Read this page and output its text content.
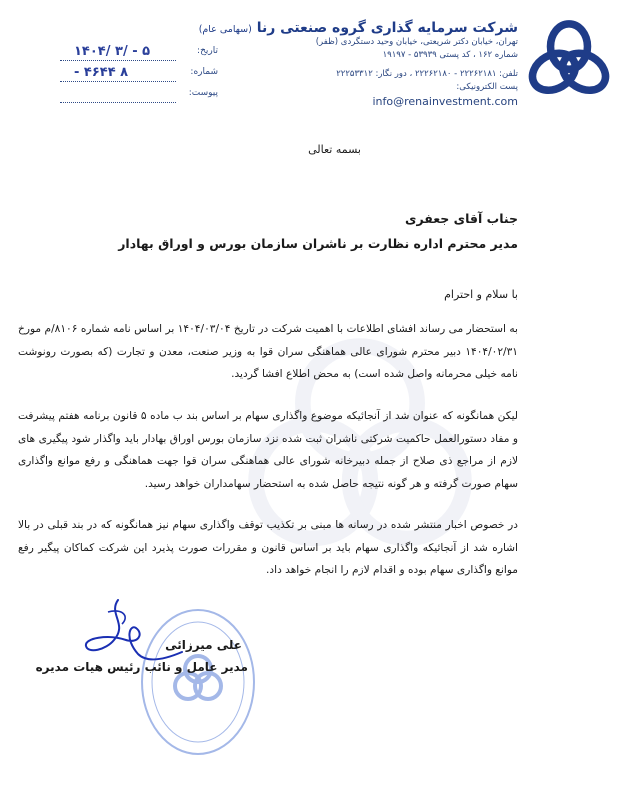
شرکت سرمایه گذاری گروه صنعتی رنا (سهامی عام)
تهران، خیابان دکتر شریعتی، خیابان وحید دستگردی (ظفر)
شماره ۱۶۲ ، کد پستی ۵۳۹۳۹ - ۱۹۱۹۷
تلفن: ۲۲۲۶۲۱۸۱ - ۲۲۲۶۲۱۸۰ ، دور نگار: ۲۲۲۵۳۳۱۲
پست الکترونیکی:
info@renainvestment.com
تاریخ:
۱۴۰۴/ ۳/ - ۵
شماره:
- ۴۶۴۴ ۸
پیوست:
بسمه تعالی
جناب آقای جعفری
مدیر محترم اداره نظارت بر ناشران سازمان بورس و اوراق بهادار
با سلام و احترام
به استحضار می رساند افشای اطلاعات با اهمیت شرکت در تاریخ ۱۴۰۴/۰۳/۰۴ بر اساس نامه شماره ۸۱۰۶/م مورخ ۱۴۰۴/۰۲/۳۱ دبیر محترم شورای عالی هماهنگی سران قوا به وزیر صنعت، معدن و تجارت (که بصورت رونوشت نامه خیلی محرمانه واصل شده است) به محض اطلاع افشا گردید.
لیکن همانگونه که عنوان شد از آنجائیکه موضوع واگذاری سهام بر اساس بند ب ماده ۵ قانون برنامه هفتم پیشرفت و مفاد دستورالعمل حاکمیت شرکتی ناشران ثبت شده نزد سازمان بورس اوراق بهادار باید واگذار شود پیگیری های لازم از مراجع ذی صلاح از جمله دبیرخانه شورای عالی هماهنگی سران قوا جهت هماهنگی و رفع موانع واگذاری سهام صورت گرفته و هر گونه نتیجه حاصل شده به استحضار سهامداران خواهد رسید.
در خصوص اخبار منتشر شده در رسانه ها مبنی بر تکذیب توقف واگذاری سهام نیز همانگونه که در بند قبلی در بالا اشاره شد از آنجائیکه واگذاری سهام باید بر اساس قانون و مقررات صورت پذیرد این شرکت کماکان پیگیر رفع موانع واگذاری سهام بوده و اقدام لازم را انجام خواهد داد.
علی میرزائی
مدیر عامل و نائب رئیس هیات مدیره
